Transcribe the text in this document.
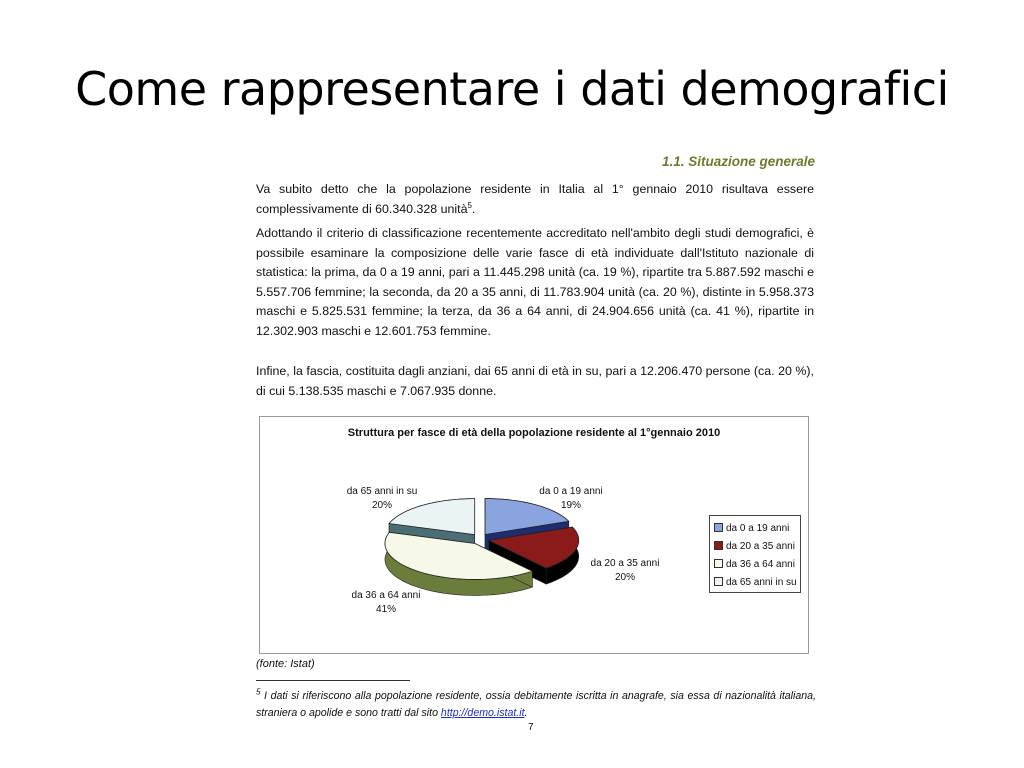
Come rappresentare i dati demografici
1.1. Situazione generale

Va subito detto che la popolazione residente in Italia al 1° gennaio 2010 risultava essere complessivamente di 60.340.328 unità$^5$.

Adottando il criterio di classificazione recentemente accreditato nell'ambito degli studi demografici, è possibile esaminare la composizione delle varie fasce di età individuate dall'Istituto nazionale di statistica: la prima, da 0 a 19 anni, pari a 11.445.298 unità (ca. 19 %), ripartite tra 5.887.592 maschi e 5.557.706 femmine; la seconda, da 20 a 35 anni, di 11.783.904 unità (ca. 20 %), distinte in 5.958.373 maschi e 5.825.531 femmine; la terza, da 36 a 64 anni, di 24.904.656 unità (ca. 41 %), ripartite in 12.302.903 maschi e 12.601.753 femmine.

Infine, la fascia, costituita dagli anziani, dai 65 anni di età in su, pari a 12.206.470 persone (ca. 20 %), di cui 5.138.535 maschi e 7.067.935 donne.

Struttura per fasce di età della popolazione residente al 1°gennaio 2010
da 0 a 19 anni
19%
da 20 a 35 anni
20%
da 36 a 64 anni
41%
da 65 anni in su
20%
da 0 a 19 anni
da 20 a 35 anni
da 36 a 64 anni
da 65 anni in su
(fonte: Istat)

$^5$ I dati si riferiscono alla popolazione residente, ossia debitamente iscritta in anagrafe, sia essa di nazionalità italiana, straniera o apolide e sono tratti dal sito http://demo.istat.it.

7
